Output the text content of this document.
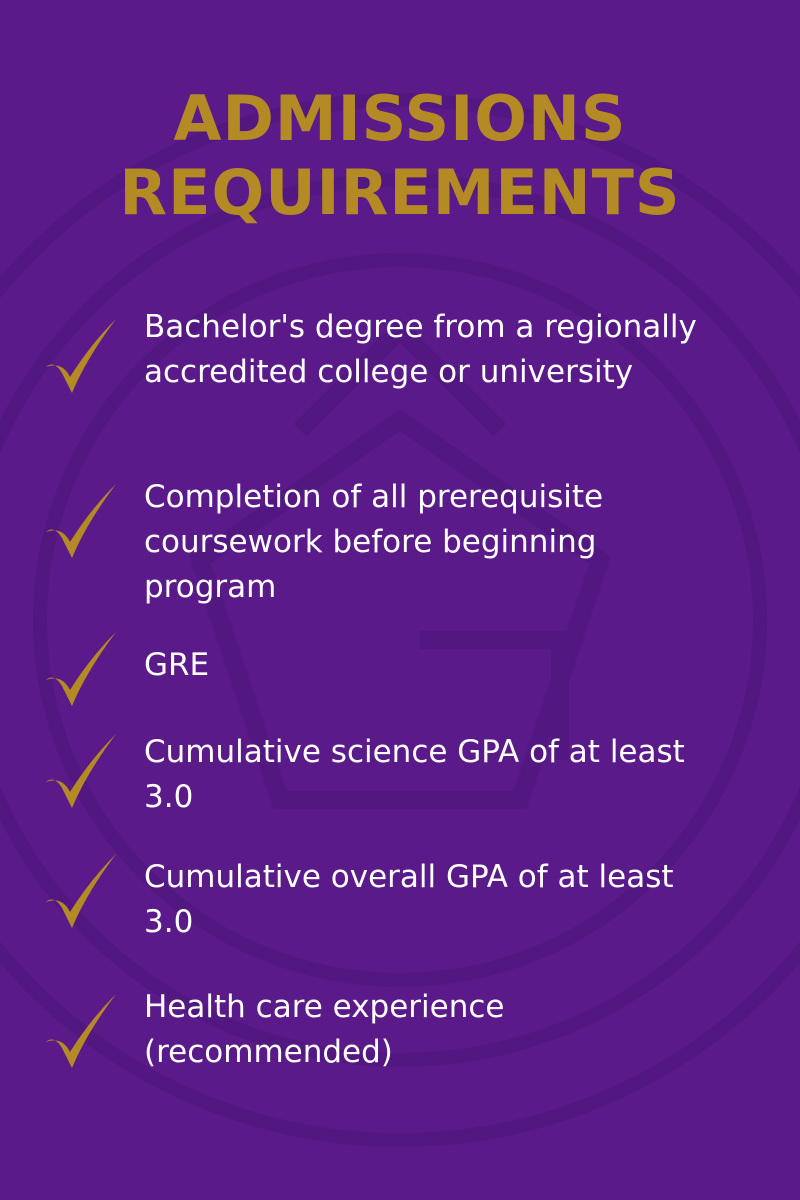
ADMISSIONS
REQUIREMENTS
Bachelor's degree from a regionally accredited college or university
Completion of all prerequisite coursework before beginning program
GRE
Cumulative science GPA of at least 3.0
Cumulative overall GPA of at least 3.0
Health care experience (recommended)
